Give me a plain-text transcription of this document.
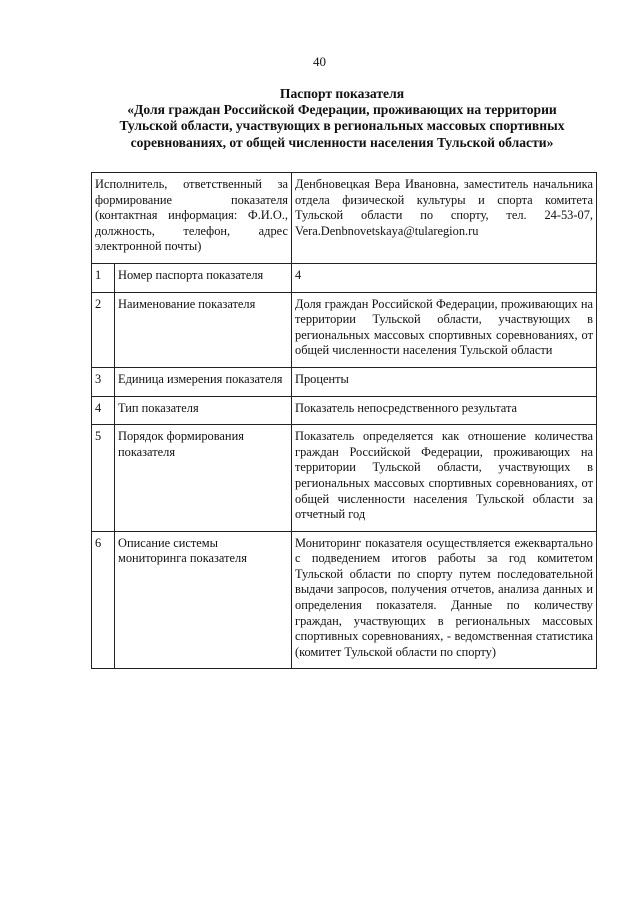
40
Паспорт показателя
«Доля граждан Российской Федерации, проживающих на территории
Тульской области, участвующих в региональных массовых спортивных
соревнованиях, от общей численности населения Тульской области»
Исполнитель, ответственный за формирование показателя (контактная информация: Ф.И.О., должность, телефон, адрес электронной почты)		Денбновецкая Вера Ивановна, заместитель начальника отдела физической культуры и спорта комитета Тульской области по спорту, тел. 24-53-07, Vera.Denbnovetskaya@tularegion.ru
1	Номер паспорта показателя	4
2	Наименование показателя	Доля граждан Российской Федерации, проживающих на территории Тульской области, участвующих в региональных массовых спортивных соревнованиях, от общей численности населения Тульской области
3	Единица измерения показателя	Проценты
4	Тип показателя	Показатель непосредственного результата
5	Порядок формирования показателя	Показатель определяется как отношение количества граждан Российской Федерации, проживающих на территории Тульской области, участвующих в региональных массовых спортивных соревнованиях, от общей численности населения Тульской области за отчетный год
6	Описание системы мониторинга показателя	Мониторинг показателя осуществляется ежеквартально с подведением итогов работы за год комитетом Тульской области по спорту путем последовательной выдачи запросов, получения отчетов, анализа данных и определения показателя. Данные по количеству граждан, участвующих в региональных массовых спортивных соревнованиях, - ведомственная статистика (комитет Тульской области по спорту)
